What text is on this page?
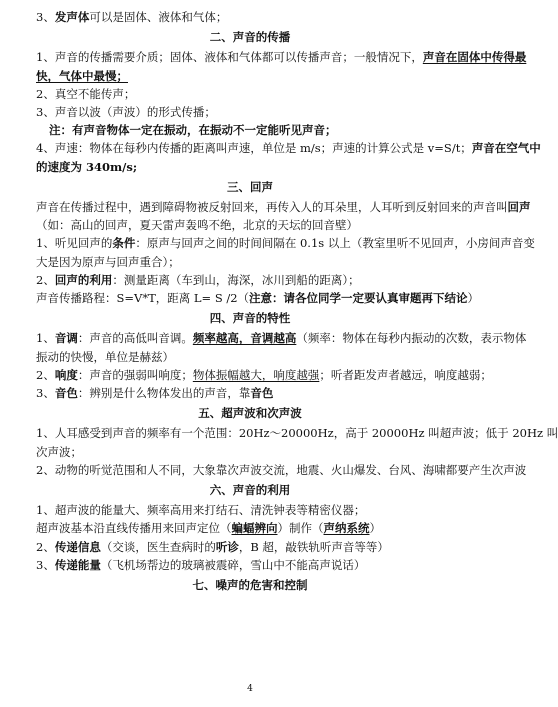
3、发声体可以是固体、液体和气体；
二、声音的传播
1、声音的传播需要介质；固体、液体和气体都可以传播声音；一般情况下，声音在固体中传得最
快，气体中最慢；
2、真空不能传声；
3、声音以波（声波）的形式传播；
注：有声音物体一定在振动，在振动不一定能听见声音；
4、声速：物体在每秒内传播的距离叫声速，单位是 m/s；声速的计算公式是 v=S/t；声音在空气中
的速度为 340m/s;
三、回声
声音在传播过程中，遇到障碍物被反射回来，再传入人的耳朵里，人耳听到反射回来的声音叫回声
（如：高山的回声，夏天雷声轰鸣不绝，北京的天坛的回音壁）
1、听见回声的条件：原声与回声之间的时间间隔在 0.1s 以上（教室里听不见回声，小房间声音变
大是因为原声与回声重合）；
2、回声的利用：测量距离（车到山，海深，冰川到船的距离）；
声音传播路程：S=V*T，距离 L= S /2（注意：请各位同学一定要认真审题再下结论）
四、声音的特性
1、音调：声音的高低叫音调。频率越高，音调越高（频率：物体在每秒内振动的次数，表示物体
振动的快慢，单位是赫兹）
2、响度：声音的强弱叫响度；物体振幅越大，响度越强；听者距发声者越远，响度越弱；
3、音色：辨别是什么物体发出的声音，靠音色
五、超声波和次声波
1、人耳感受到声音的频率有一个范围：20Hz～20000Hz，高于 20000Hz 叫超声波；低于 20Hz 叫
次声波；
2、动物的听觉范围和人不同，大象靠次声波交流，地震、火山爆发、台风、海啸都要产生次声波
六、声音的利用
1、超声波的能量大、频率高用来打结石、清洗钟表等精密仪器；
超声波基本沿直线传播用来回声定位（蝙蝠辨向）制作（声纳系统）
2、传递信息（交谈，医生查病时的听诊，B 超，敲铁轨听声音等等）
3、传递能量（飞机场帮边的玻璃被震碎，雪山中不能高声说话）
七、噪声的危害和控制
4
